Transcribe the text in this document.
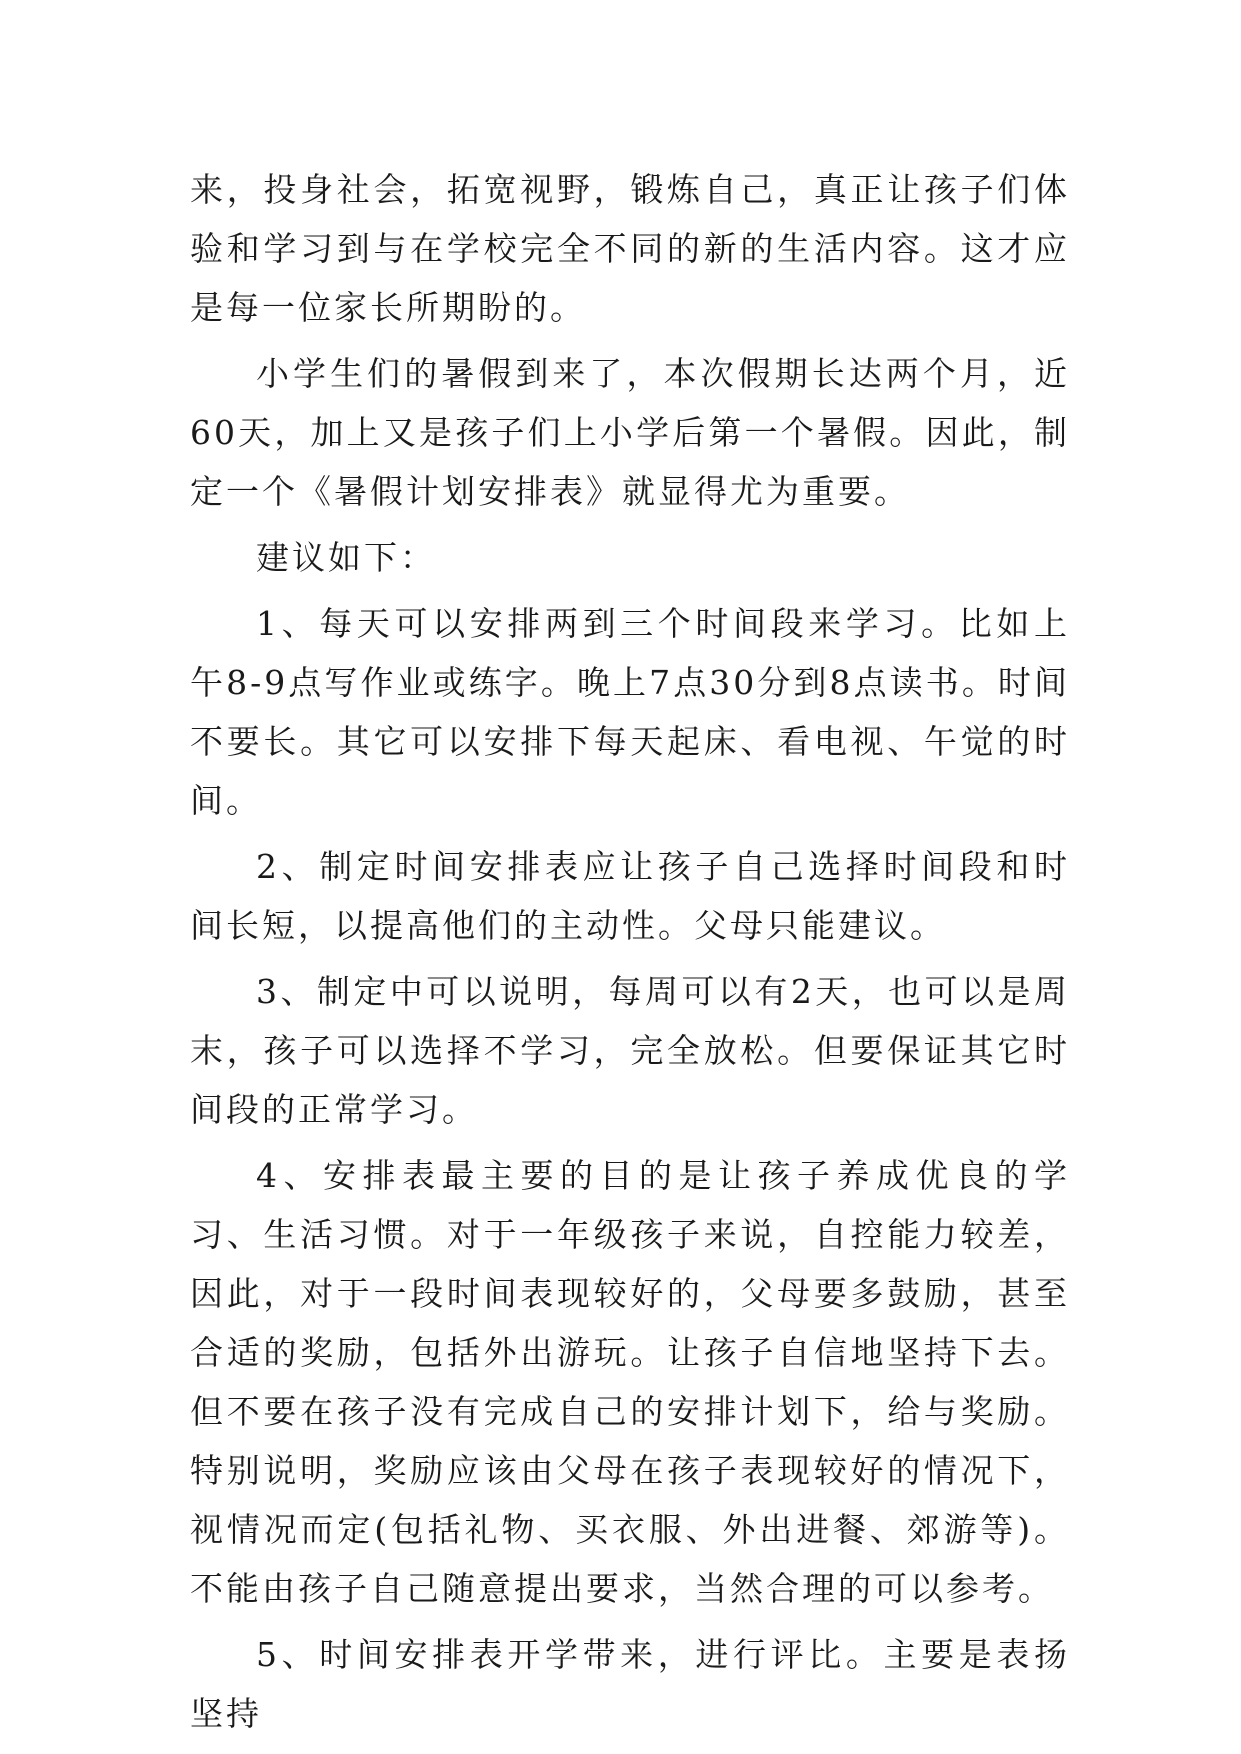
来，投身社会，拓宽视野，锻炼自己，真正让孩子们体验和学习到与在学校完全不同的新的生活内容。这才应是每一位家长所期盼的。

小学生们的暑假到来了，本次假期长达两个月，近60天，加上又是孩子们上小学后第一个暑假。因此，制定一个《暑假计划安排表》就显得尤为重要。

建议如下：

1、每天可以安排两到三个时间段来学习。比如上午8-9点写作业或练字。晚上7点30分到8点读书。时间不要长。其它可以安排下每天起床、看电视、午觉的时间。

2、制定时间安排表应让孩子自己选择时间段和时间长短，以提高他们的主动性。父母只能建议。

3、制定中可以说明，每周可以有2天，也可以是周末，孩子可以选择不学习，完全放松。但要保证其它时间段的正常学习。

4、安排表最主要的目的是让孩子养成优良的学习、生活习惯。对于一年级孩子来说，自控能力较差，因此，对于一段时间表现较好的，父母要多鼓励，甚至合适的奖励，包括外出游玩。让孩子自信地坚持下去。但不要在孩子没有完成自己的安排计划下，给与奖励。特别说明，奖励应该由父母在孩子表现较好的情况下，视情况而定(包括礼物、买衣服、外出进餐、郊游等)。不能由孩子自己随意提出要求，当然合理的可以参考。

5、时间安排表开学带来，进行评比。主要是表扬坚持
